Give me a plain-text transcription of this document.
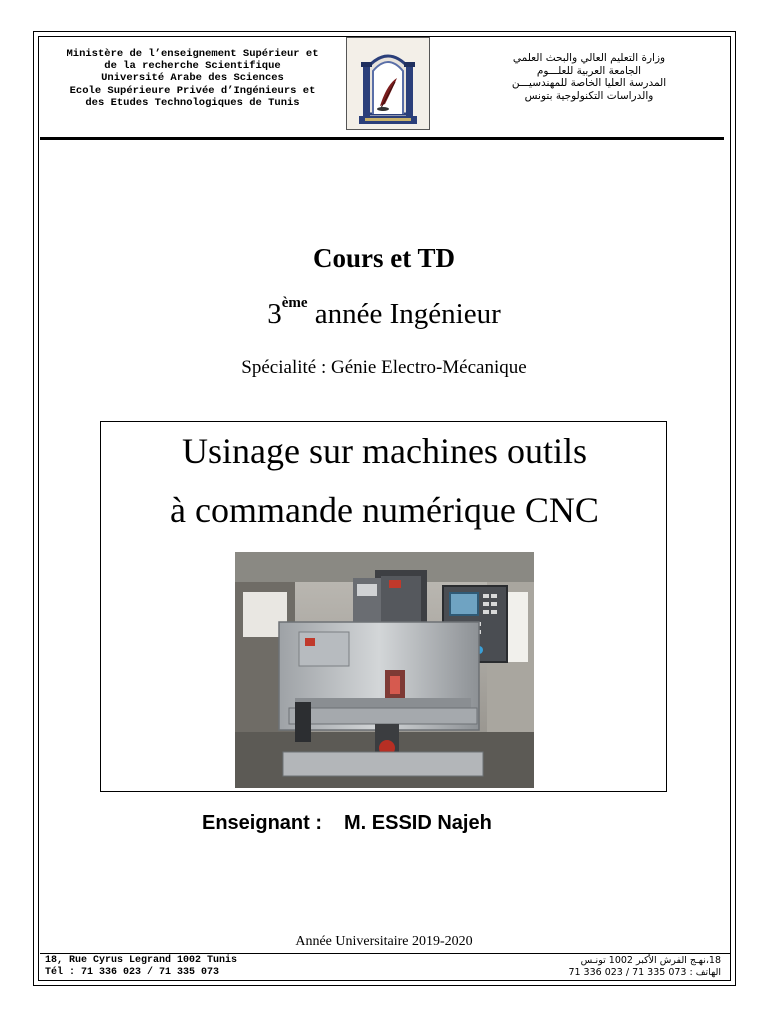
Ministère de l’enseignement Supérieur et
de la recherche Scientifique
Université Arabe des Sciences
Ecole Supérieure Privée d’Ingénieurs et
des Etudes Technologiques de Tunis
وزارة التعليم العالي والبحث العلمي
الجامعة العربية للعلـــوم
المدرسة العليا الخاصة للمهندسيـــن
والدراسات التكنولوجية بتونس
Cours et TD
3ème année Ingénieur
Spécialité : Génie Electro-Mécanique
Usinage sur machines outils
à commande numérique CNC
Enseignant : M. ESSID Najeh
Année Universitaire 2019-2020
18, Rue Cyrus Legrand 1002 Tunis
Tél : 71 336 023 / 71 335 073
18،نهـج الفرش الأكبر 1002 تونـس
الهاتف : 71 336 023 / 71 335 073
